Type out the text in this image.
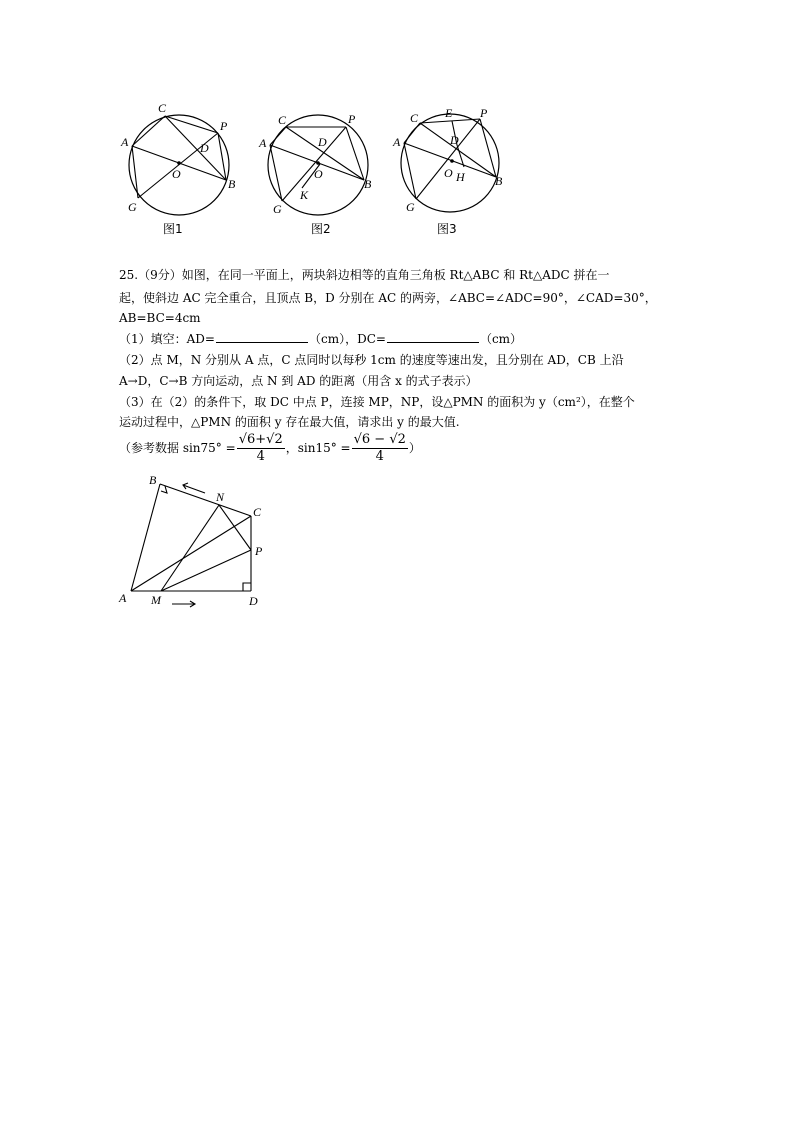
C
A
P
D
O
B
G
图1
C
A
P
D
O
B
K
G
图2
C
A
E P
D
O H	B
G
图3
25.（9分）如图，在同一平面上，两块斜边相等的直角三角板 Rt△ABC 和 Rt△ADC 拼在一
起，使斜边 AC 完全重合，且顶点 B，D 分别在 AC 的两旁，∠ABC=∠ADC=90°，∠CAD=30°，
AB=BC=4cm
（1）填空：AD=	（cm），DC=	（cm）
（2）点 M，N 分别从 A 点，C 点同时以每秒 1cm 的速度等速出发，且分别在 AD，CB 上沿
A→D，C→B 方向运动，点 N 到 AD 的距离（用含 x 的式子表示）
（3）在（2）的条件下，取 DC 中点 P，连接 MP，NP，设△PMN 的面积为 y（cm²），在整个
运动过程中，△PMN 的面积 y 存在最大值，请求出 y 的最大值.
（参考数据 $\sin 75^\circ = \frac{√6+√2}{4}$ ，$\sin 15^\circ = \frac{√6 - √2}{4}$ ）
B
N
C
P
A M	D
